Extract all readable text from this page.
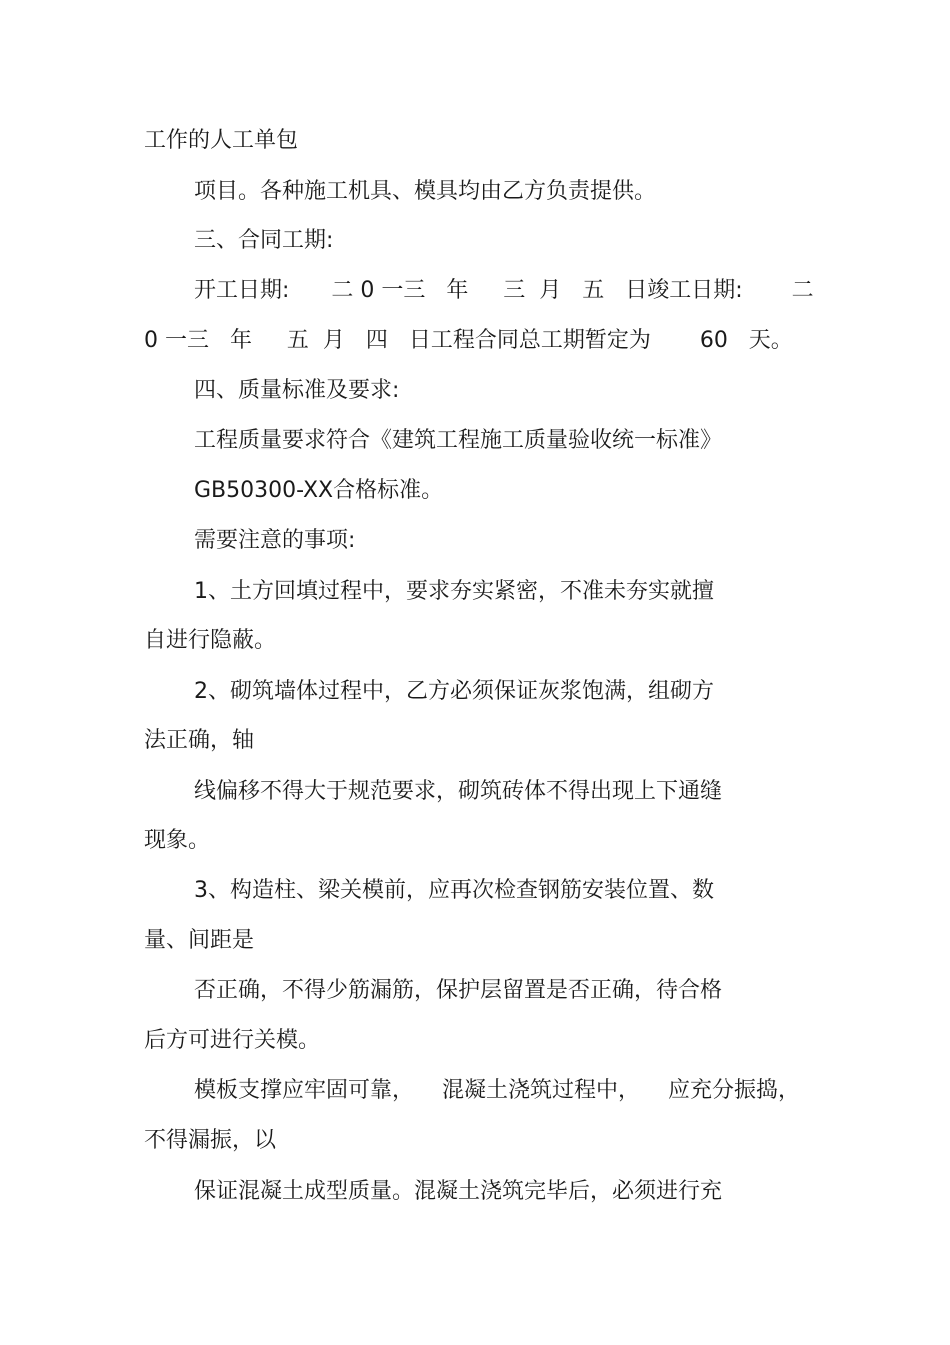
工作的人工单包

项目。各种施工机具、模具均由乙方负责提供。

三、合同工期:

开工日期:      二 0 一三   年     三  月   五   日竣工日期:       二

0 一三   年     五  月   四   日工程合同总工期暂定为       60   天。

四、质量标准及要求:

工程质量要求符合《建筑工程施工质量验收统一标准》

GB50300-XX合格标准。

需要注意的事项:

1、土方回填过程中，要求夯实紧密，不准未夯实就擅

自进行隐蔽。

2、砌筑墙体过程中，乙方必须保证灰浆饱满，组砌方

法正确，轴

线偏移不得大于规范要求，砌筑砖体不得出现上下通缝

现象。

3、构造柱、梁关模前，应再次检查钢筋安装位置、数

量、间距是

否正确，不得少筋漏筋，保护层留置是否正确，待合格

后方可进行关模。

模板支撑应牢固可靠，    混凝土浇筑过程中，    应充分振捣，

不得漏振，以

保证混凝土成型质量。混凝土浇筑完毕后，必须进行充
